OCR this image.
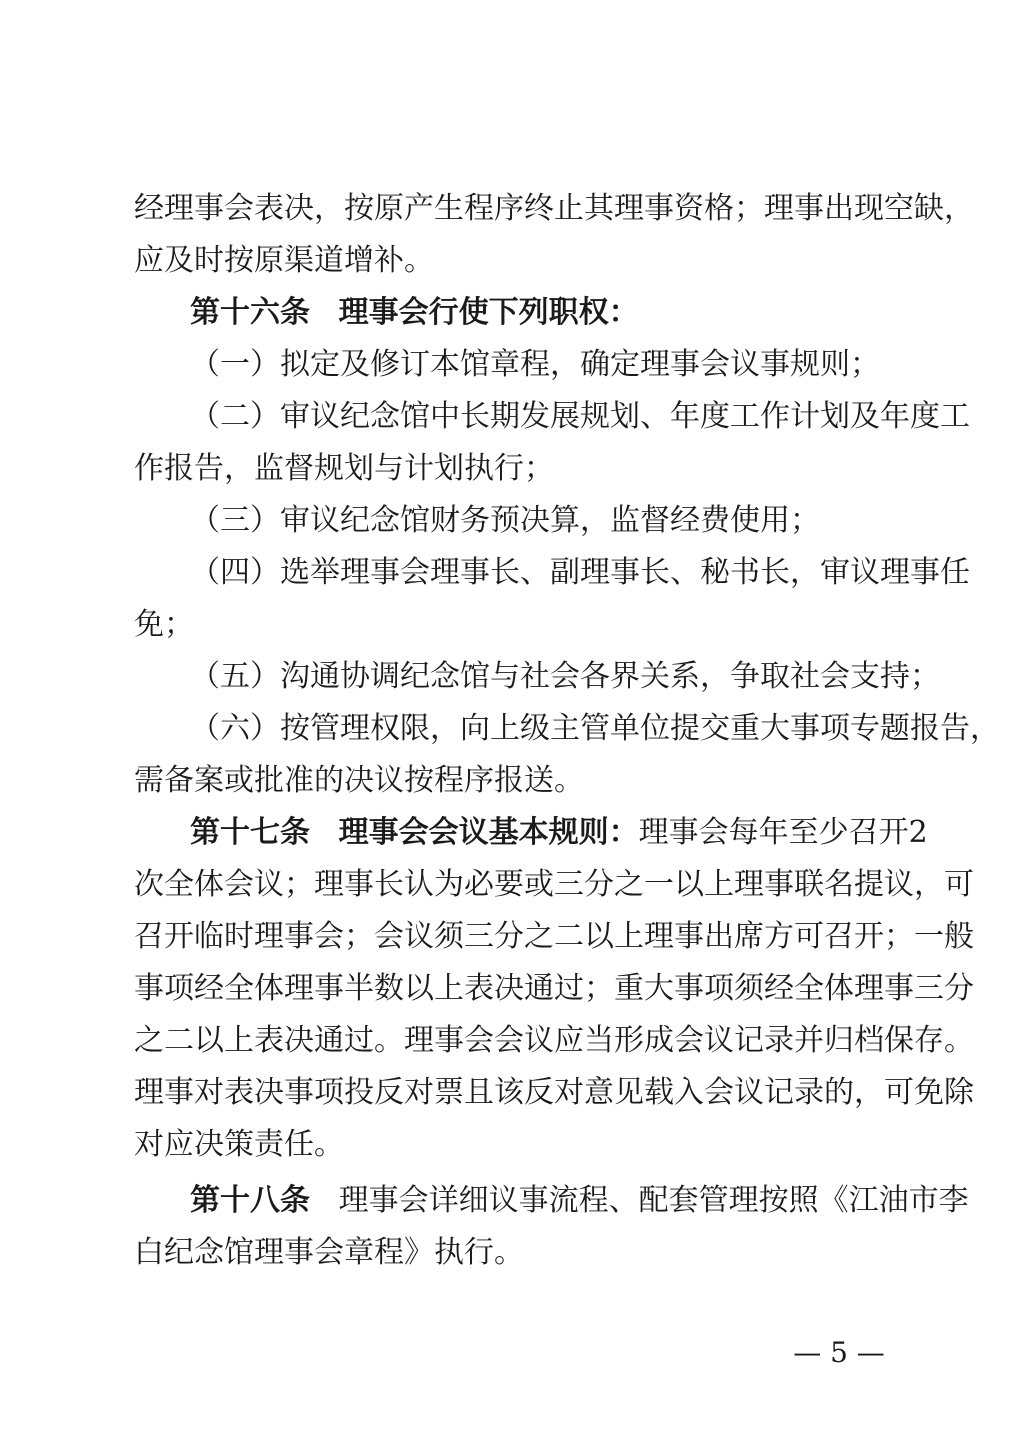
经理事会表决，按原产生程序终止其理事资格；理事出现空缺，
应及时按原渠道增补。
第十六条 理事会行使下列职权：
（一）拟定及修订本馆章程，确定理事会议事规则；
（二）审议纪念馆中长期发展规划、年度工作计划及年度工
作报告，监督规划与计划执行；
（三）审议纪念馆财务预决算，监督经费使用；
（四）选举理事会理事长、副理事长、秘书长，审议理事任
免；
（五）沟通协调纪念馆与社会各界关系，争取社会支持；
（六）按管理权限，向上级主管单位提交重大事项专题报告，
需备案或批准的决议按程序报送。
第十七条 理事会会议基本规则：理事会每年至少召开2
次全体会议；理事长认为必要或三分之一以上理事联名提议，可
召开临时理事会；会议须三分之二以上理事出席方可召开；一般
事项经全体理事半数以上表决通过；重大事项须经全体理事三分
之二以上表决通过。理事会会议应当形成会议记录并归档保存。
理事对表决事项投反对票且该反对意见载入会议记录的，可免除
对应决策责任。
第十八条 理事会详细议事流程、配套管理按照《江油市李
白纪念馆理事会章程》执行。
— 5 —
